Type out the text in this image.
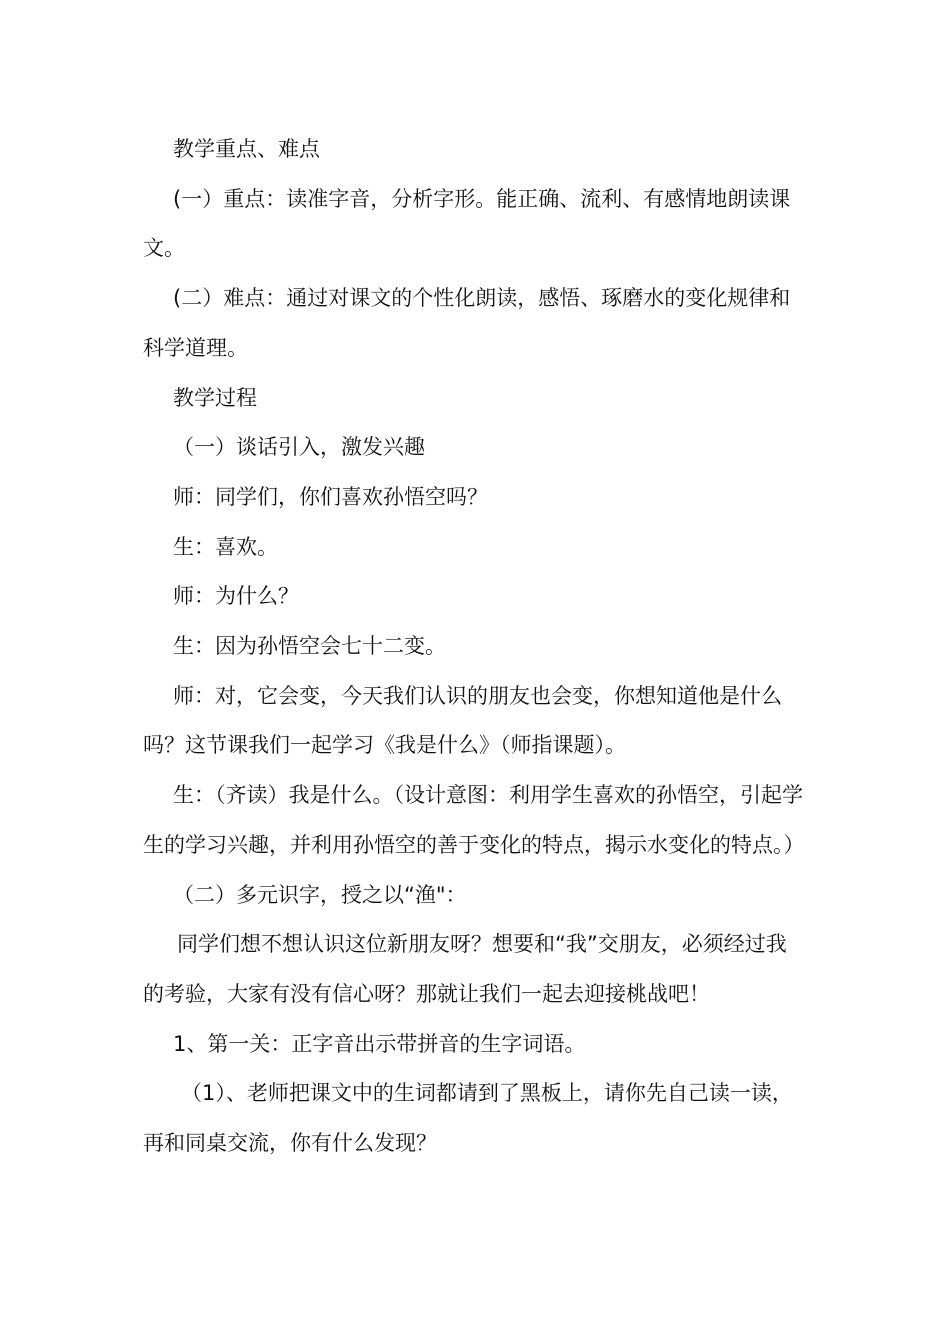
教学重点、难点

(一）重点：读准字音，分析字形。能正确、流利、有感情地朗读课文。

(二）难点：通过对课文的个性化朗读，感悟、琢磨水的变化规律和科学道理。

教学过程

（一）谈话引入，激发兴趣

师：同学们，你们喜欢孙悟空吗？

生：喜欢。

师：为什么？

生：因为孙悟空会七十二变。

师：对，它会变，今天我们认识的朋友也会变，你想知道他是什么吗？这节课我们一起学习《我是什么》（师指课题）。

生：（齐读）我是什么。（设计意图：利用学生喜欢的孙悟空，引起学生的学习兴趣，并利用孙悟空的善于变化的特点，揭示水变化的特点。）

（二）多元识字，授之以“渔"：

同学们想不想认识这位新朋友呀？想要和“我”交朋友，必须经过我的考验，大家有没有信心呀？那就让我们一起去迎接桃战吧！

1、第一关：正字音出示带拼音的生字词语。

（1）、老师把课文中的生词都请到了黑板上，请你先自己读一读，再和同桌交流，你有什么发现？
